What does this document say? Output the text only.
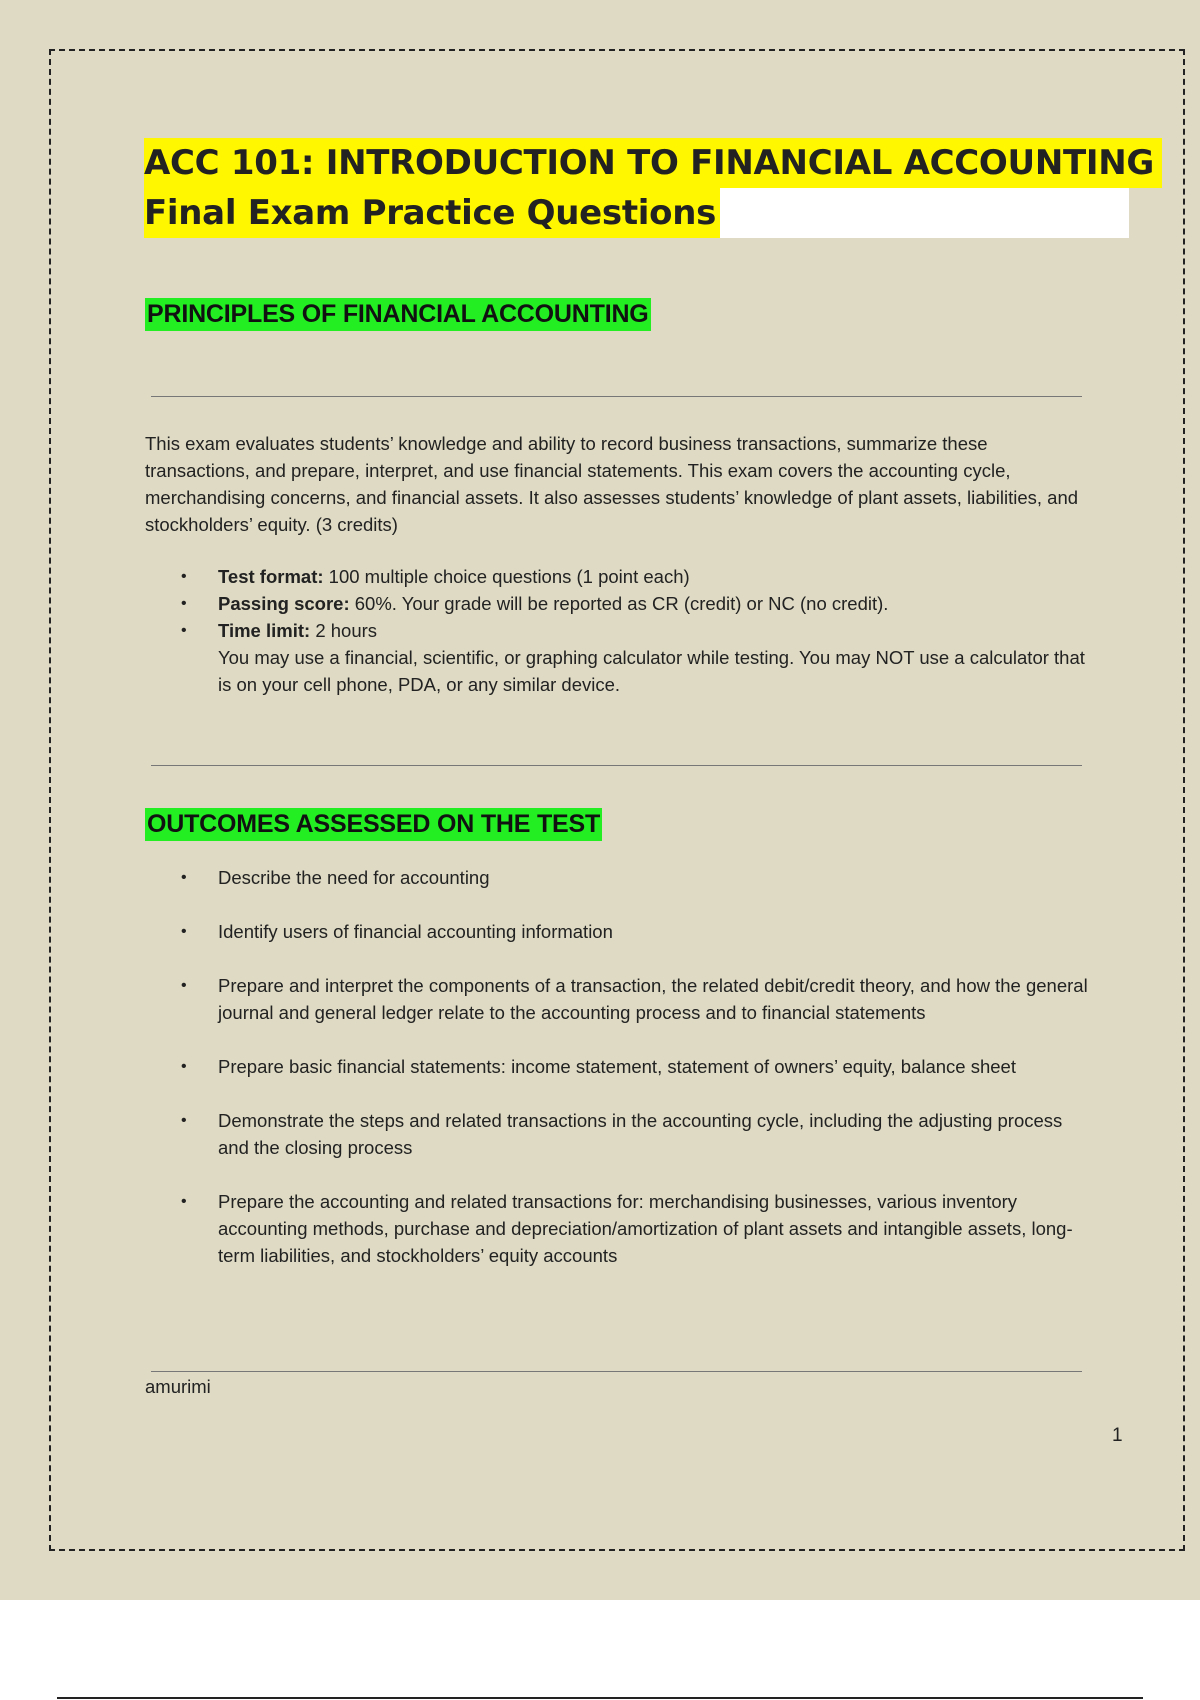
ACC 101: INTRODUCTION TO FINANCIAL ACCOUNTING
Final Exam Practice Questions
PRINCIPLES OF FINANCIAL ACCOUNTING
This exam evaluates students’ knowledge and ability to record business transactions, summarize these transactions, and prepare, interpret, and use financial statements. This exam covers the accounting cycle, merchandising concerns, and financial assets. It also assesses students’ knowledge of plant assets, liabilities, and stockholders’ equity. (3 credits)
• Test format: 100 multiple choice questions (1 point each)
• Passing score: 60%. Your grade will be reported as CR (credit) or NC (no credit).
• Time limit: 2 hours
You may use a financial, scientific, or graphing calculator while testing. You may NOT use a calculator that is on your cell phone, PDA, or any similar device.
OUTCOMES ASSESSED ON THE TEST
• Describe the need for accounting
• Identify users of financial accounting information
• Prepare and interpret the components of a transaction, the related debit/credit theory, and how the general journal and general ledger relate to the accounting process and to financial statements
• Prepare basic financial statements: income statement, statement of owners’ equity, balance sheet
• Demonstrate the steps and related transactions in the accounting cycle, including the adjusting process and the closing process
• Prepare the accounting and related transactions for: merchandising businesses, various inventory accounting methods, purchase and depreciation/amortization of plant assets and intangible assets, long-term liabilities, and stockholders’ equity accounts
amurimi
1
